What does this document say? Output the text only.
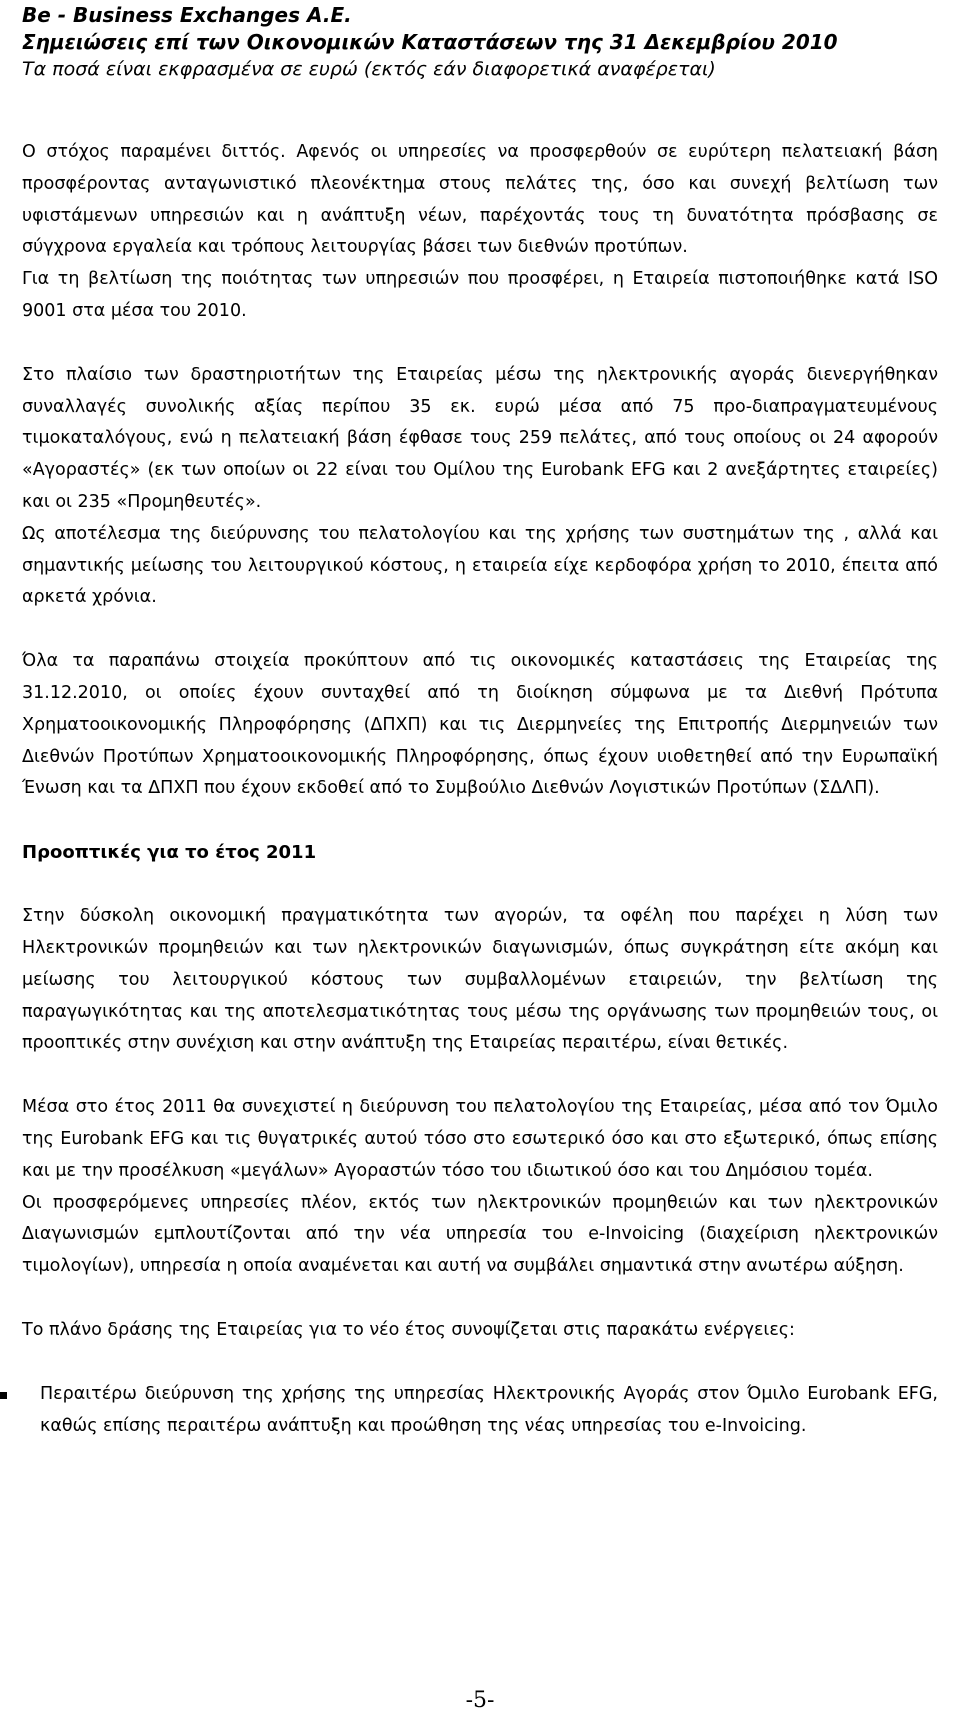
Be - Business Exchanges A.E.
Σημειώσεις επί των Οικονομικών Καταστάσεων της 31 Δεκεμβρίου 2010
Τα ποσά είναι εκφρασμένα σε ευρώ (εκτός εάν διαφορετικά αναφέρεται)

Ο στόχος παραμένει διττός. Αφενός οι υπηρεσίες να προσφερθούν σε ευρύτερη πελατειακή βάση προσφέροντας ανταγωνιστικό πλεονέκτημα στους πελάτες της, όσο και συνεχή βελτίωση των υφιστάμενων υπηρεσιών και η ανάπτυξη νέων, παρέχοντάς τους τη δυνατότητα πρόσβασης σε σύγχρονα εργαλεία και τρόπους λειτουργίας βάσει των διεθνών προτύπων.

Για τη βελτίωση της ποιότητας των υπηρεσιών που προσφέρει, η Εταιρεία πιστοποιήθηκε κατά ISO 9001 στα μέσα του 2010.

Στο πλαίσιο των δραστηριοτήτων της Εταιρείας μέσω της ηλεκτρονικής αγοράς διενεργήθηκαν συναλλαγές συνολικής αξίας περίπου 35 εκ. ευρώ μέσα από 75 προ-διαπραγματευμένους τιμοκαταλόγους, ενώ η πελατειακή βάση έφθασε τους 259 πελάτες, από τους οποίους οι 24 αφορούν «Αγοραστές» (εκ των οποίων οι 22 είναι του Ομίλου της Eurobank EFG και 2 ανεξάρτητες εταιρείες) και οι 235 «Προμηθευτές».

Ως αποτέλεσμα της διεύρυνσης του πελατολογίου και της χρήσης των συστημάτων της , αλλά και σημαντικής μείωσης του λειτουργικού κόστους, η εταιρεία είχε κερδοφόρα χρήση το 2010, έπειτα από αρκετά χρόνια.

Όλα τα παραπάνω στοιχεία προκύπτουν από τις οικονομικές καταστάσεις της Εταιρείας της 31.12.2010, οι οποίες έχουν συνταχθεί από τη διοίκηση σύμφωνα με τα Διεθνή Πρότυπα Χρηματοοικονομικής Πληροφόρησης (ΔΠΧΠ) και τις Διερμηνείες της Επιτροπής Διερμηνειών των Διεθνών Προτύπων Χρηματοοικονομικής Πληροφόρησης, όπως έχουν υιοθετηθεί από την Ευρωπαϊκή Ένωση και τα ΔΠΧΠ που έχουν εκδοθεί από το Συμβούλιο Διεθνών Λογιστικών Προτύπων (ΣΔΛΠ).

Προοπτικές για το έτος 2011

Στην δύσκολη οικονομική πραγματικότητα των αγορών, τα οφέλη που παρέχει η λύση των Ηλεκτρονικών προμηθειών και των ηλεκτρονικών διαγωνισμών, όπως συγκράτηση είτε ακόμη και μείωσης του λειτουργικού κόστους των συμβαλλομένων εταιρειών, την βελτίωση της παραγωγικότητας και της αποτελεσματικότητας τους μέσω της οργάνωσης των προμηθειών τους, οι προοπτικές στην συνέχιση και στην ανάπτυξη της Εταιρείας περαιτέρω, είναι θετικές.

Μέσα στο έτος 2011 θα συνεχιστεί η διεύρυνση του πελατολογίου της Εταιρείας, μέσα από τον Όμιλο της Eurobank EFG και τις θυγατρικές αυτού τόσο στο εσωτερικό όσο και στο εξωτερικό, όπως επίσης και με την προσέλκυση «μεγάλων» Αγοραστών τόσο του ιδιωτικού όσο και του Δημόσιου τομέα.

Οι προσφερόμενες υπηρεσίες πλέον, εκτός των ηλεκτρονικών προμηθειών και των ηλεκτρονικών Διαγωνισμών εμπλουτίζονται από την νέα υπηρεσία του e-Invoicing (διαχείριση ηλεκτρονικών τιμολογίων), υπηρεσία η οποία αναμένεται και αυτή να συμβάλει σημαντικά στην ανωτέρω αύξηση.

Το πλάνο δράσης της Εταιρείας για το νέο έτος συνοψίζεται στις παρακάτω ενέργειες:

Περαιτέρω διεύρυνση της χρήσης της υπηρεσίας Ηλεκτρονικής Αγοράς στον Όμιλο Eurobank EFG, καθώς επίσης περαιτέρω ανάπτυξη και προώθηση της νέας υπηρεσίας του e-Invoicing.

-5-
